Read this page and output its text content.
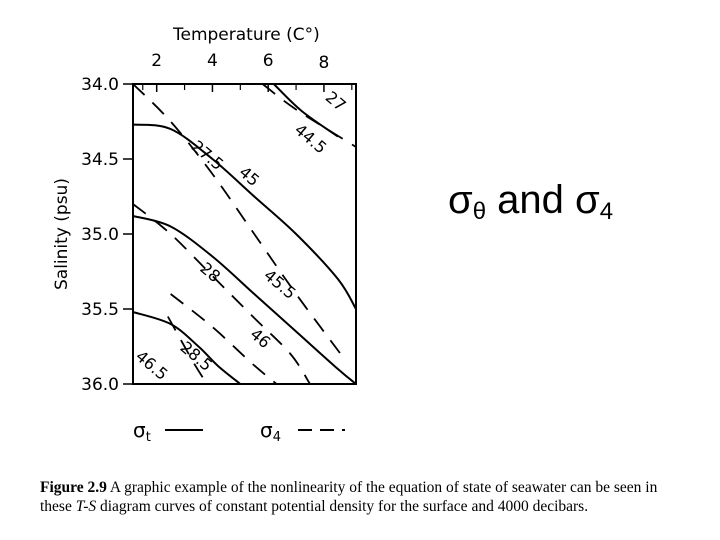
27
44.5
27.5
45
28 45.5
46
28.5
46.5
2	4	6	8
34.0
34.5
35.0
35.5
36.0
Temperature (C°)
Salinity (psu)
$\sigma_t$	$\sigma_4$
$\sigma_\theta$ and $\sigma_4$
Figure 2.9 A graphic example of the nonlinearity of the equation of state of seawater can be seen in
these T-S diagram curves of constant potential density for the surface and 4000 decibars.
